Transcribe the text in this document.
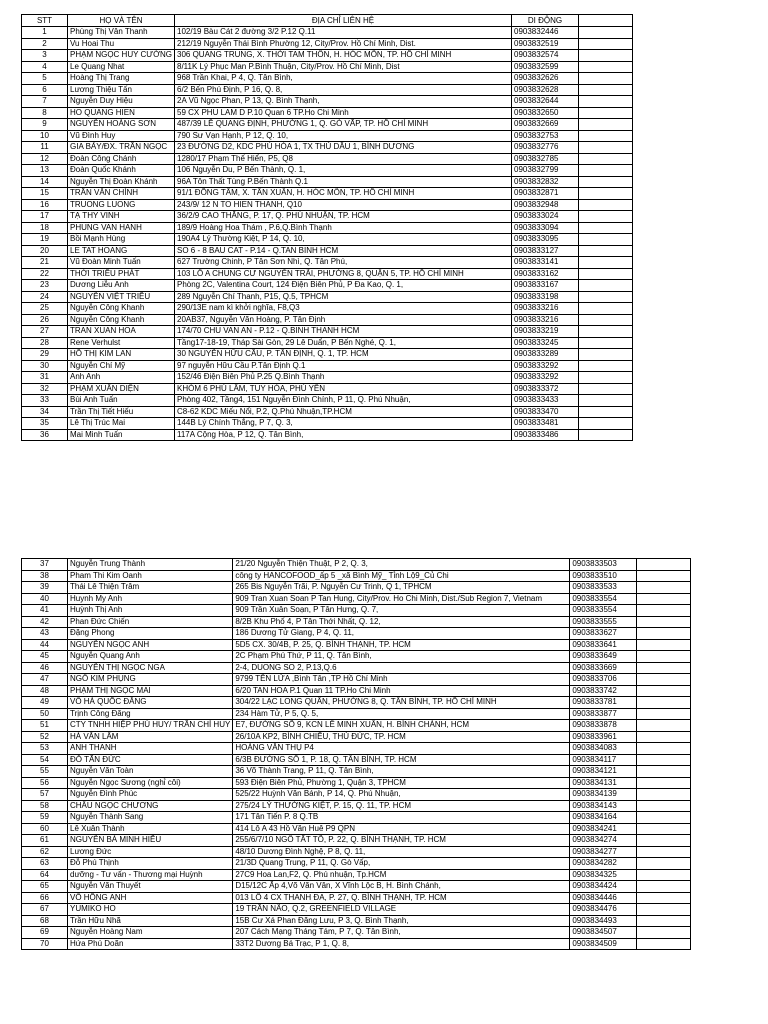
STT	HỌ VÀ TÊN	ĐỊA CHỈ LIÊN HỆ	DI ĐỘNG	
1	Phùng Thị Vân Thanh	102/19 Bàu Cát 2 đường 3/2 P.12 Q.11	0903832446	
2	Vu Hoai Thu	212/19 Nguyễn Thái Bình Phường 12, City/Prov. Hồ Chí Minh, Dist.	0903832519	
3	PHẠM NGỌC HUY CƯỜNG	306 QUANG TRUNG, X. THỚI TAM THÔN, H. HÓC MÔN, TP. HỒ CHÍ MINH	0903832574	
4	Le Quang Nhat	8/11K Lý Phục Man P.Bình Thuận, City/Prov. Hồ Chí Minh, Dist	0903832599	
5	Hoàng Thị Trang	968 Trần Khai, P 4, Q. Tân Bình,	0903832626	
6	Lương Thiệu Tấn	6/2 Bến Phú Định, P 16, Q. 8,	0903832628	
7	Nguyễn Duy Hiệu	2A Vũ Ngọc Phan, P 13, Q. Bình Thạnh,	0903832644	
8	HO QUANG HIEN	59 CX PHU LAM D P.10 Quan 6 TP.Ho Chi Minh	0903832650	
9	NGUYỄN HOÀNG SƠN	487/39 LÊ QUANG ĐỊNH, PHƯỜNG 1, Q. GÒ VẤP, TP. HỒ CHÍ MINH	0903832669	
10	Vũ Đình Huy	790 Sư Vạn Hạnh, P 12, Q. 10,	0903832753	
11	GIA BẢY/ĐX. TRẦN NGỌC	23 ĐƯỜNG D2, KDC PHÚ HÒA 1, TX THỦ DẦU 1, BÌNH DƯƠNG	0903832776	
12	Đoàn Công Chánh	1280/17 Phạm Thế Hiển, P5, Q8	0903832785	
13	Đoàn Quốc Khánh	106 Nguyễn Du, P Bến Thành, Q. 1,	0903832799	
14	Nguyễn Thị Đoàn Khánh	96A Tôn Thất Tùng P.Bến Thành Q.1	0903832832	
15	TRẦN VĂN CHÍNH	91/1 ĐỒNG TÂM, X. TÂN XUÂN, H. HÓC MÔN, TP. HỒ CHÍ MINH	0903832871	
16	TRUONG LUONG	243/9/ 12 N TO HIEN THANH, Q10	0903832948	
17	TẠ THY VINH	36/2/9 CAO THẮNG, P. 17, Q. PHÚ NHUẬN, TP. HCM	0903833024	
18	PHUNG VAN HANH	189/9 Hoàng Hoa Thám , P.6,Q.Bình Thạnh	0903833094	
19	Bồi Mạnh Hùng	190A4 Lý Thường Kiệt, P 14, Q. 10,	0903833095	
20	LE TAT HOANG	SO 6 - 8 BAU CAT - P.14 - Q.TAN BINH HCM	0903833127	
21	Vũ Đoàn Minh Tuấn	627 Trường Chinh, P Tân Sơn Nhì, Q. Tân Phú,	0903833141	
22	THỚI TRIỀU PHÁT	103 LÔ A CHUNG CƯ NGUYỄN TRÃI, PHƯỜNG 8, QUẬN 5, TP. HỒ CHÍ MINH	0903833162	
23	Dương Liễu Anh	Phòng 2C, Valentina Court, 124 Điện Biên Phủ, P Đa Kao, Q. 1,	0903833167	
24	NGUYỄN VIỆT TRIỀU	289 Nguyễn Chí Thanh, P15, Q.5, TPHCM	0903833198	
25	Nguyễn Công Khanh	290/13E nam kì khởi nghĩa, F8,Q3	0903833216	
26	Nguyễn Công Khanh	20AB37, Nguyễn Văn Hoàng, P. Tân Định	0903833216	
27	TRAN XUAN HOA	174/70 CHU VAN AN - P.12 - Q.BINH THANH HCM	0903833219	
28	Rene Verhulst	Tầng17-18-19, Tháp Sài Gòn, 29 Lê Duẩn, P Bến Nghé, Q. 1,	0903833245	
29	HỒ THỊ KIM LAN	30 NGUYỄN HỮU CẦU, P. TÂN ĐỊNH, Q. 1, TP. HCM	0903833289	
30	Nguyễn Chí Mỹ	97 nguyễn Hữu Cầu P.Tân Định Q.1	0903833292	
31	Anh Anh	152/46 Điện Biên Phủ P.25 Q.Bình Thạnh	0903833292	
32	PHẠM XUÂN DIỆN	KHÓM 6 PHÚ LÂM, TUY HÒA, PHÚ YÊN	0903833372	
33	Bùi Anh Tuấn	Phòng 402, Tầng4, 151 Nguyễn Đình Chính, P 11, Q. Phú Nhuận,	0903833433	
34	Trần Thị Tiết Hiếu	C8-62 KDC Miếu Nổi, P.2, Q.Phú Nhuận,TP.HCM	0903833470	
35	Lê Thị Trúc Mai	144B Lý Chính Thắng, P 7, Q. 3,	0903833481	
36	Mai Minh Tuấn	117A Cộng Hòa, P 12, Q. Tân Bình,	0903833486	
37	Nguyễn Trung Thành	21/20 Nguyễn Thiện Thuật, P 2, Q. 3,	0903833503	
38	Pham Thi Kim Oanh	công ty HANCOFOOD_ấp 5 _xã Bình Mỹ_ Tỉnh Lộ9_Củ Chi	0903833510	
39	Thái Lê Thiện Trâm	265 Bis Nguyễn Trãi, P. Nguyễn Cư Trinh, Q 1, TPHCM	0903833533	
40	Huynh My Anh	909 Tran Xuan Soan P Tan Hung, City/Prov. Ho Chi Minh, Dist./Sub Region 7, Vietnam	0903833554	
41	Huỳnh Thị Anh	909 Trần Xuân Soạn, P Tân Hưng, Q. 7,	0903833554	
42	Phan Đức Chiến	8/2B Khu Phố 4, P Tân Thới Nhất, Q. 12,	0903833555	
43	Đặng Phong	186 Dương Tử Giang, P 4, Q. 11,	0903833627	
44	NGUYỄN NGỌC ANH	5D5 CX. 30/4B, P. 25, Q. BÌNH THẠNH, TP. HCM	0903833641	
45	Nguyễn Quang Anh	2C Phạm Phú Thứ, P 11, Q. Tân Bình,	0903833649	
46	NGUYỄN THỊ NGỌC NGA	2-4, DUONG SO 2, P.13,Q.6	0903833669	
47	NGÔ KIM PHỤNG	9799 TÊN LỬA ,Bình Tân ,TP Hồ Chí Minh	0903833706	
48	PHẠM THỊ NGỌC MAI	6/20 TAN HOA P.1 Quan 11 TP.Ho Chi Minh	0903833742	
49	VÕ HÀ QUỐC ĐĂNG	304/22 LẠC LONG QUÂN, PHƯỜNG 8, Q. TÂN BÌNH, TP. HỒ CHÍ MINH	0903833781	
50	Trịnh Công Đăng	234 Hàm Tử, P 5, Q. 5,	0903833877	
51	CTY TNHH HIỆP PHÚ HUY/ TRẦN CHÍ HUY	E7, ĐƯỜNG SỐ 9, KCN LÊ MINH XUÂN, H. BÌNH CHÁNH, HCM	0903833878	
52	HÀ VĂN LÂM	26/10A KP2, BÌNH CHIỂU, THỦ ĐỨC, TP. HCM	0903833961	
53	ANH THANH	HOÀNG VĂN THỤ P4	0903834083	
54	ĐỖ TẤN ĐỨC	6/3B ĐƯỜNG SỐ 1, P. 18, Q. TÂN BÌNH, TP. HCM	0903834117	
55	Nguyễn Văn Toàn	36 Võ Thành Trang, P 11, Q. Tân Bình,	0903834121	
56	Nguyễn Ngọc Sương (nghỉ côi)	593 Điện Biên Phủ, Phường 1, Quận 3, TPHCM	0903834131	
57	Nguyễn Đình Phúc	525/22 Huỳnh Văn Bánh, P 14, Q. Phú Nhuận,	0903834139	
58	CHÂU NGỌC CHƯƠNG	275/24 LÝ THƯỜNG KIỆT, P. 15, Q. 11, TP. HCM	0903834143	
59	Nguyễn Thành Sang	171 Tân Tiến P. 8 Q.TB	0903834164	
60	Lê Xuân Thành	414 Lô A 43 Hồ Văn Huê P9 QPN	0903834241	
61	NGUYỄN BÁ MINH HIẾU	255/6/7/10 NGÔ TẤT TỐ, P. 22, Q. BÌNH THẠNH, TP. HCM	0903834274	
62	Lương Đức	48/10 Dương Đình Nghệ, P 8, Q. 11,	0903834277	
63	Đỗ Phú Thịnh	21/3D Quang Trung, P 11, Q. Gò Vấp,	0903834282	
64	dưỡng - Tư vấn - Thương mại Huỳnh	27C9 Hoa Lan,F2, Q. Phú nhuận, Tp.HCM	0903834325	
65	Nguyễn Văn Thuyết	D15/12C Ấp 4,Võ Văn Vân, X Vĩnh Lộc B, H. Bình Chánh,	0903834424	
66	VÕ HỒNG ANH	013 LÔ 4 CX THANH ĐA, P. 27, Q. BÌNH THẠNH, TP. HCM	0903834446	
67	YUMIKO HO	19 TRẦN NÃO, Q.2, GREENFIELD VILLAGE	0903834476	
68	Trần Hữu Nhã	15B Cư Xá Phan Đăng Lưu, P 3, Q. Bình Thạnh,	0903834493	
69	Nguyễn Hoàng Nam	207 Cách Mạng Tháng Tám, P 7, Q. Tân Bình,	0903834507	
70	Hứa Phú Doãn	33T2 Dương Bá Trạc, P 1, Q. 8,	0903834509	
